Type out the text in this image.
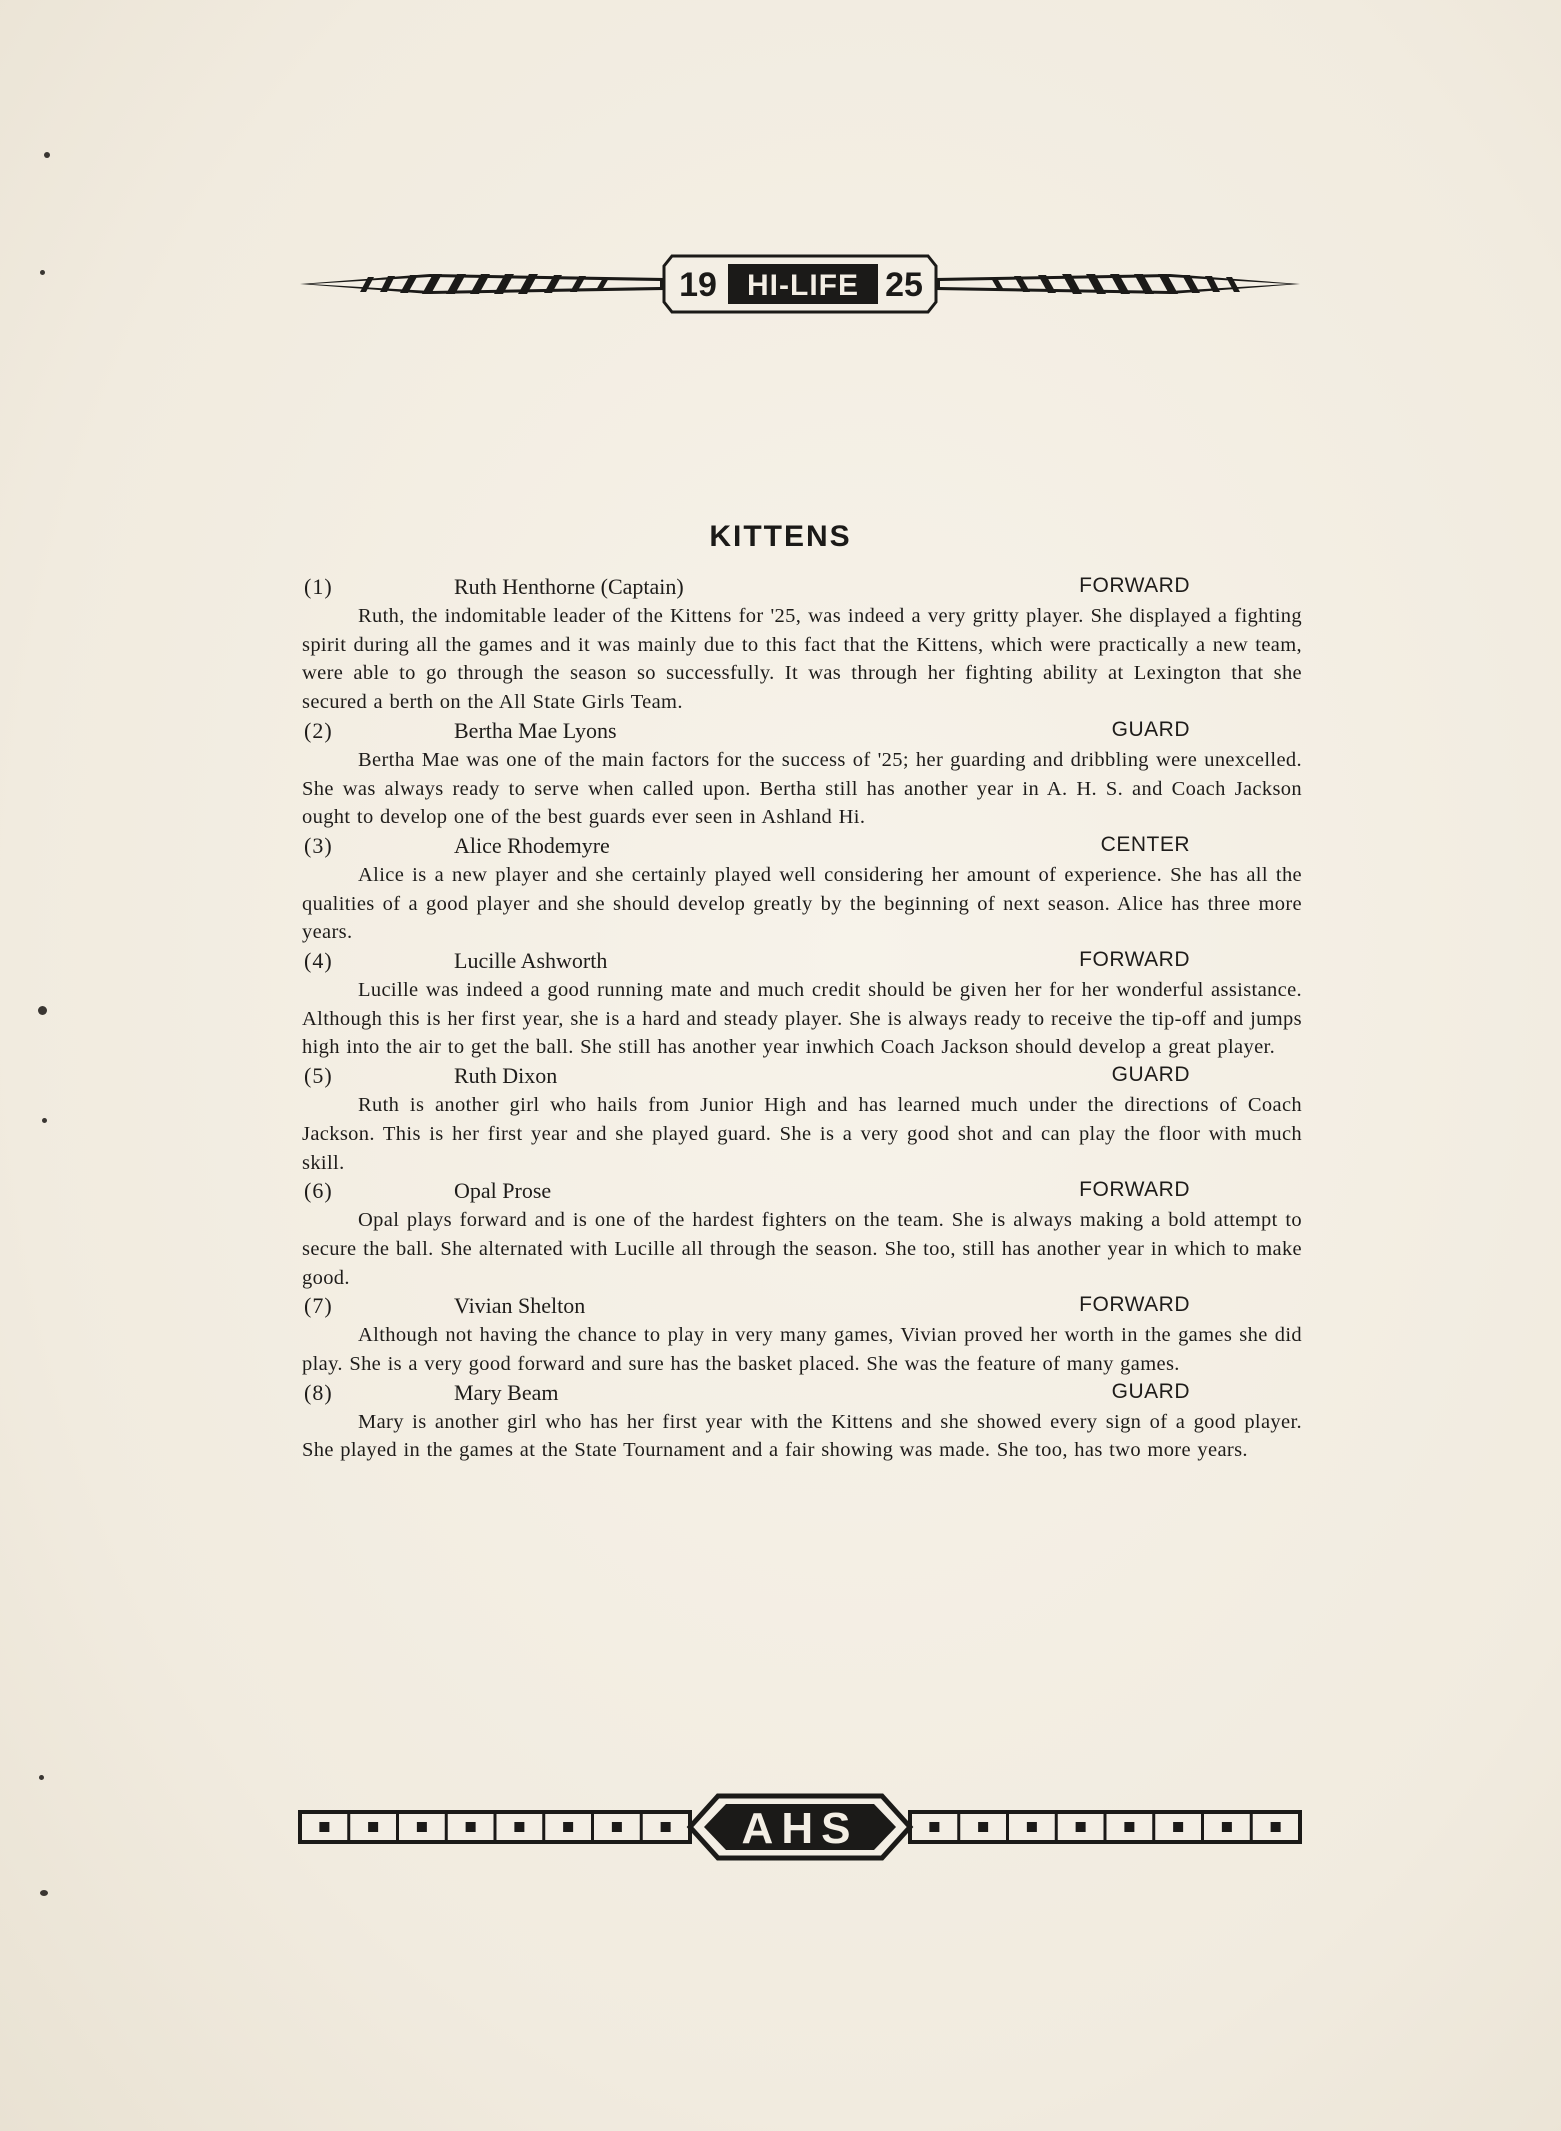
19 HI-LIFE 25
KITTENS
(1)	Ruth Henthorne (Captain)	FORWARD

Ruth, the indomitable leader of the Kittens for '25, was indeed a very gritty player. She displayed a fighting spirit during all the games and it was mainly due to this fact that the Kittens, which were practically a new team, were able to go through the season so successfully. It was through her fighting ability at Lexington that she secured a berth on the All State Girls Team.

(2)	Bertha Mae Lyons	GUARD

Bertha Mae was one of the main factors for the success of '25; her guarding and dribbling were unexcelled. She was always ready to serve when called upon. Bertha still has another year in A. H. S. and Coach Jackson ought to develop one of the best guards ever seen in Ashland Hi.

(3)	Alice Rhodemyre	CENTER

Alice is a new player and she certainly played well considering her amount of experience. She has all the qualities of a good player and she should develop greatly by the beginning of next season. Alice has three more years.

(4)	Lucille Ashworth	FORWARD

Lucille was indeed a good running mate and much credit should be given her for her wonderful assistance. Although this is her first year, she is a hard and steady player. She is always ready to receive the tip-off and jumps high into the air to get the ball. She still has another year inwhich Coach Jackson should develop a great player.

(5)	Ruth Dixon	GUARD

Ruth is another girl who hails from Junior High and has learned much under the directions of Coach Jackson. This is her first year and she played guard. She is a very good shot and can play the floor with much skill.

(6)	Opal Prose	FORWARD

Opal plays forward and is one of the hardest fighters on the team. She is always making a bold attempt to secure the ball. She alternated with Lucille all through the season. She too, still has another year in which to make good.

(7)	Vivian Shelton	FORWARD

Although not having the chance to play in very many games, Vivian proved her worth in the games she did play. She is a very good forward and sure has the basket placed. She was the feature of many games.

(8)	Mary Beam	GUARD

Mary is another girl who has her first year with the Kittens and she showed every sign of a good player. She played in the games at the State Tournament and a fair showing was made. She too, has two more years.

AHS
